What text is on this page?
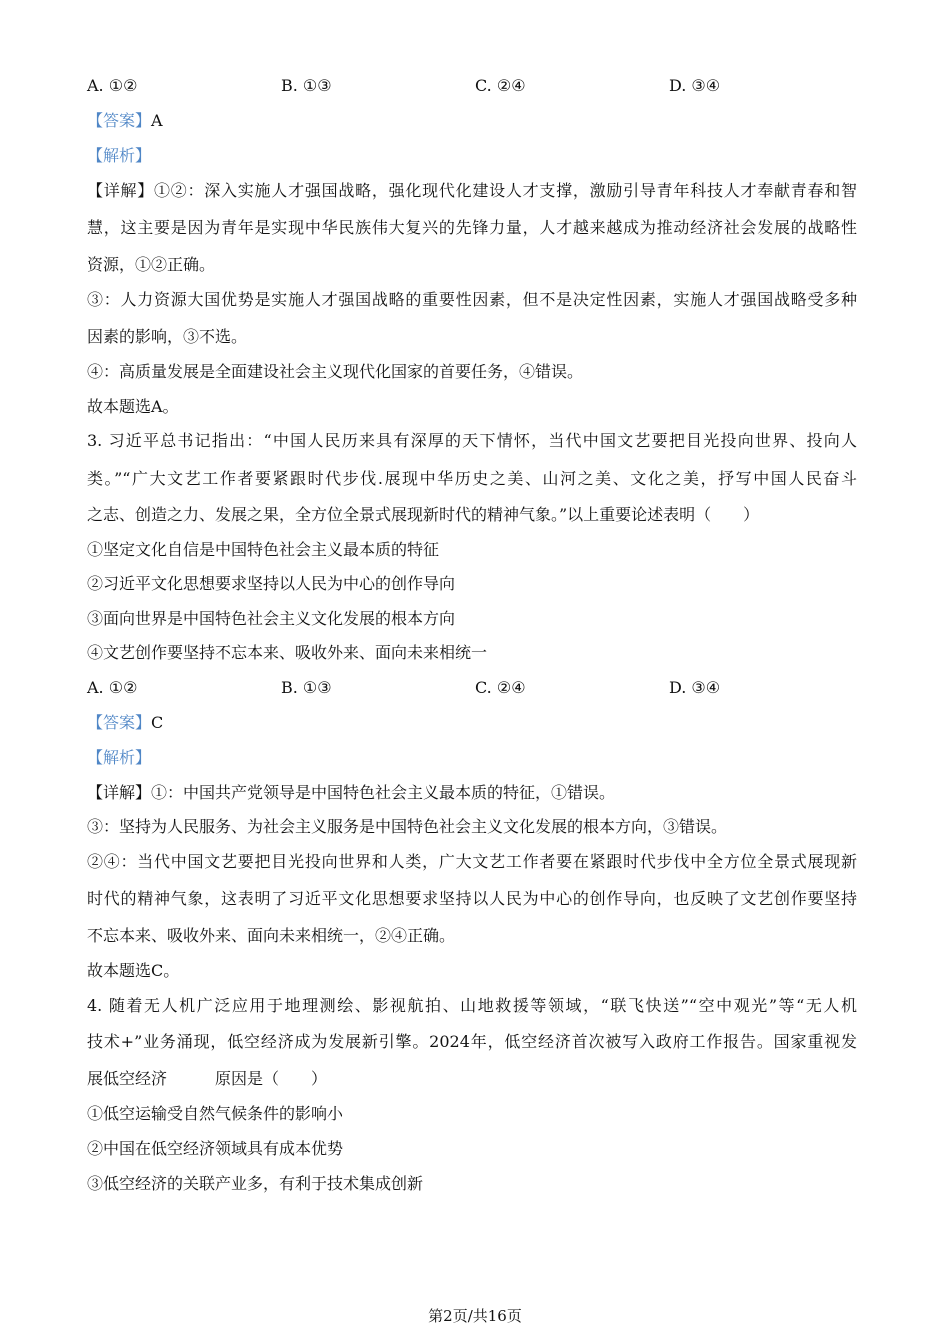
A. ①②	B. ①③	C. ②④	D. ③④
【答案】A
【解析】
【详解】①②：深入实施人才强国战略，强化现代化建设人才支撑，激励引导青年科技人才奉献青春和智
慧，这主要是因为青年是实现中华民族伟大复兴的先锋力量，人才越来越成为推动经济社会发展的战略性
资源，①②正确。
③：人力资源大国优势是实施人才强国战略的重要性因素，但不是决定性因素，实施人才强国战略受多种
因素的影响，③不选。
④：高质量发展是全面建设社会主义现代化国家的首要任务，④错误。
故本题选A。
3. 习近平总书记指出：“中国人民历来具有深厚的天下情怀，当代中国文艺要把目光投向世界、投向人
类。”“广大文艺工作者要紧跟时代步伐.展现中华历史之美、山河之美、文化之美，抒写中国人民奋斗
之志、创造之力、发展之果，全方位全景式展现新时代的精神气象。”以上重要论述表明（　　）
①坚定文化自信是中国特色社会主义最本质的特征
②习近平文化思想要求坚持以人民为中心的创作导向
③面向世界是中国特色社会主义文化发展的根本方向
④文艺创作要坚持不忘本来、吸收外来、面向未来相统一
A. ①②	B. ①③	C. ②④	D. ③④
【答案】C
【解析】
【详解】①：中国共产党领导是中国特色社会主义最本质的特征，①错误。
③：坚持为人民服务、为社会主义服务是中国特色社会主义文化发展的根本方向，③错误。
②④：当代中国文艺要把目光投向世界和人类，广大文艺工作者要在紧跟时代步伐中全方位全景式展现新
时代的精神气象，这表明了习近平文化思想要求坚持以人民为中心的创作导向，也反映了文艺创作要坚持
不忘本来、吸收外来、面向未来相统一，②④正确。
故本题选C。
4. 随着无人机广泛应用于地理测绘、影视航拍、山地救援等领域，“联飞快送”“空中观光”等“无人机
技术+”业务涌现，低空经济成为发展新引擎。2024年，低空经济首次被写入政府工作报告。国家重视发
展低空经济　　　原因是（　　）
①低空运输受自然气候条件的影响小
②中国在低空经济领域具有成本优势
③低空经济的关联产业多，有利于技术集成创新
第2页/共16页
